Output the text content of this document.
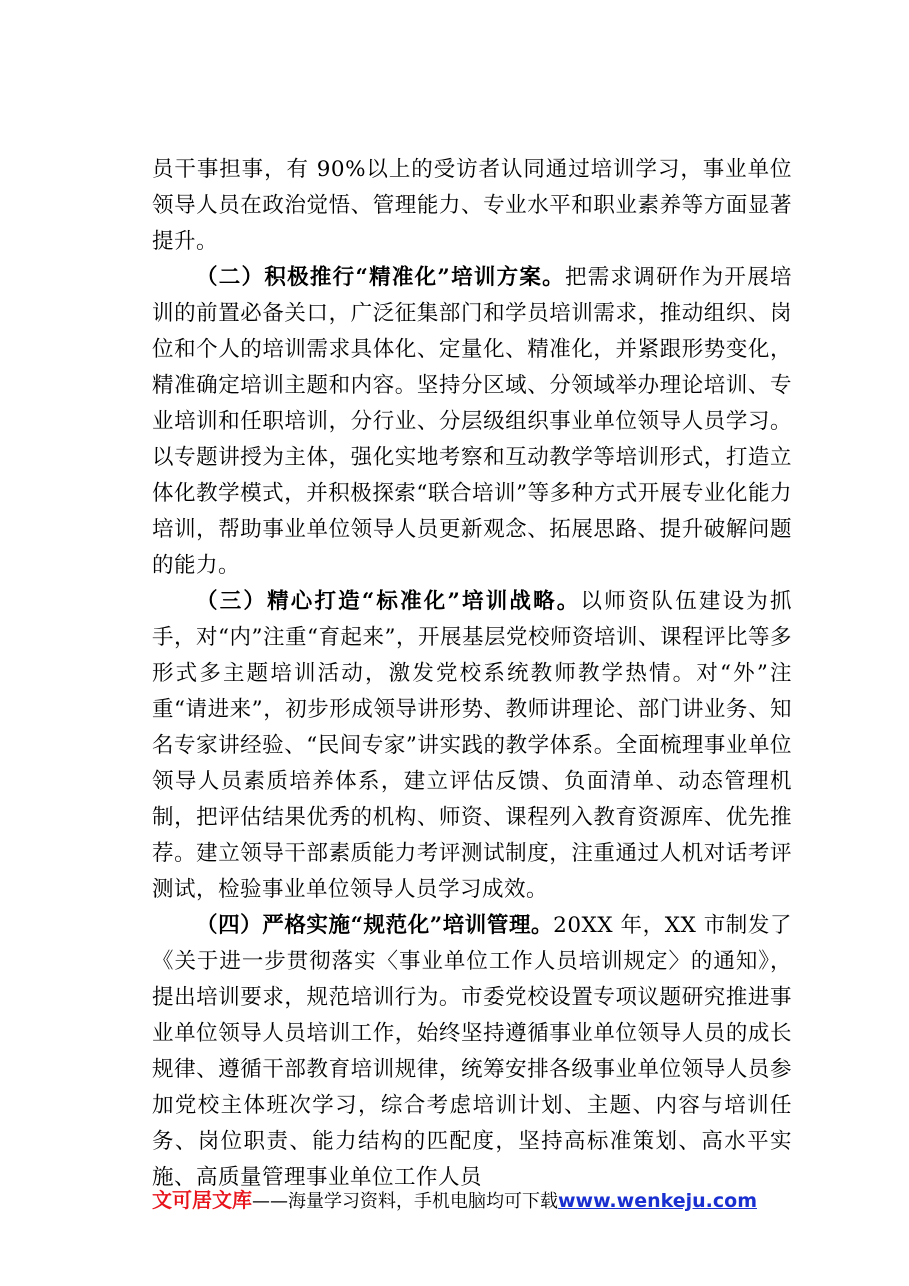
员干事担事，有 90%以上的受访者认同通过培训学习，事业单位领导人员在政治觉悟、管理能力、专业水平和职业素养等方面显著提升。

（二）积极推行“精准化”培训方案。把需求调研作为开展培训的前置必备关口，广泛征集部门和学员培训需求，推动组织、岗位和个人的培训需求具体化、定量化、精准化，并紧跟形势变化，精准确定培训主题和内容。坚持分区域、分领域举办理论培训、专业培训和任职培训，分行业、分层级组织事业单位领导人员学习。以专题讲授为主体，强化实地考察和互动教学等培训形式，打造立体化教学模式，并积极探索“联合培训”等多种方式开展专业化能力培训，帮助事业单位领导人员更新观念、拓展思路、提升破解问题的能力。

（三）精心打造“标准化”培训战略。以师资队伍建设为抓手，对“内”注重“育起来”，开展基层党校师资培训、课程评比等多形式多主题培训活动，激发党校系统教师教学热情。对“外”注重“请进来”，初步形成领导讲形势、教师讲理论、部门讲业务、知名专家讲经验、“民间专家”讲实践的教学体系。全面梳理事业单位领导人员素质培养体系，建立评估反馈、负面清单、动态管理机制，把评估结果优秀的机构、师资、课程列入教育资源库、优先推荐。建立领导干部素质能力考评测试制度，注重通过人机对话考评测试，检验事业单位领导人员学习成效。

（四）严格实施“规范化”培训管理。20XX 年，XX 市制发了《关于进一步贯彻落实〈事业单位工作人员培训规定〉的通知》，提出培训要求，规范培训行为。市委党校设置专项议题研究推进事业单位领导人员培训工作，始终坚持遵循事业单位领导人员的成长规律、遵循干部教育培训规律，统筹安排各级事业单位领导人员参加党校主体班次学习，综合考虑培训计划、主题、内容与培训任务、岗位职责、能力结构的匹配度，坚持高标准策划、高水平实施、高质量管理事业单位工作人员

文可居文库——海量学习资料，手机电脑均可下载www.wenkeju.com
